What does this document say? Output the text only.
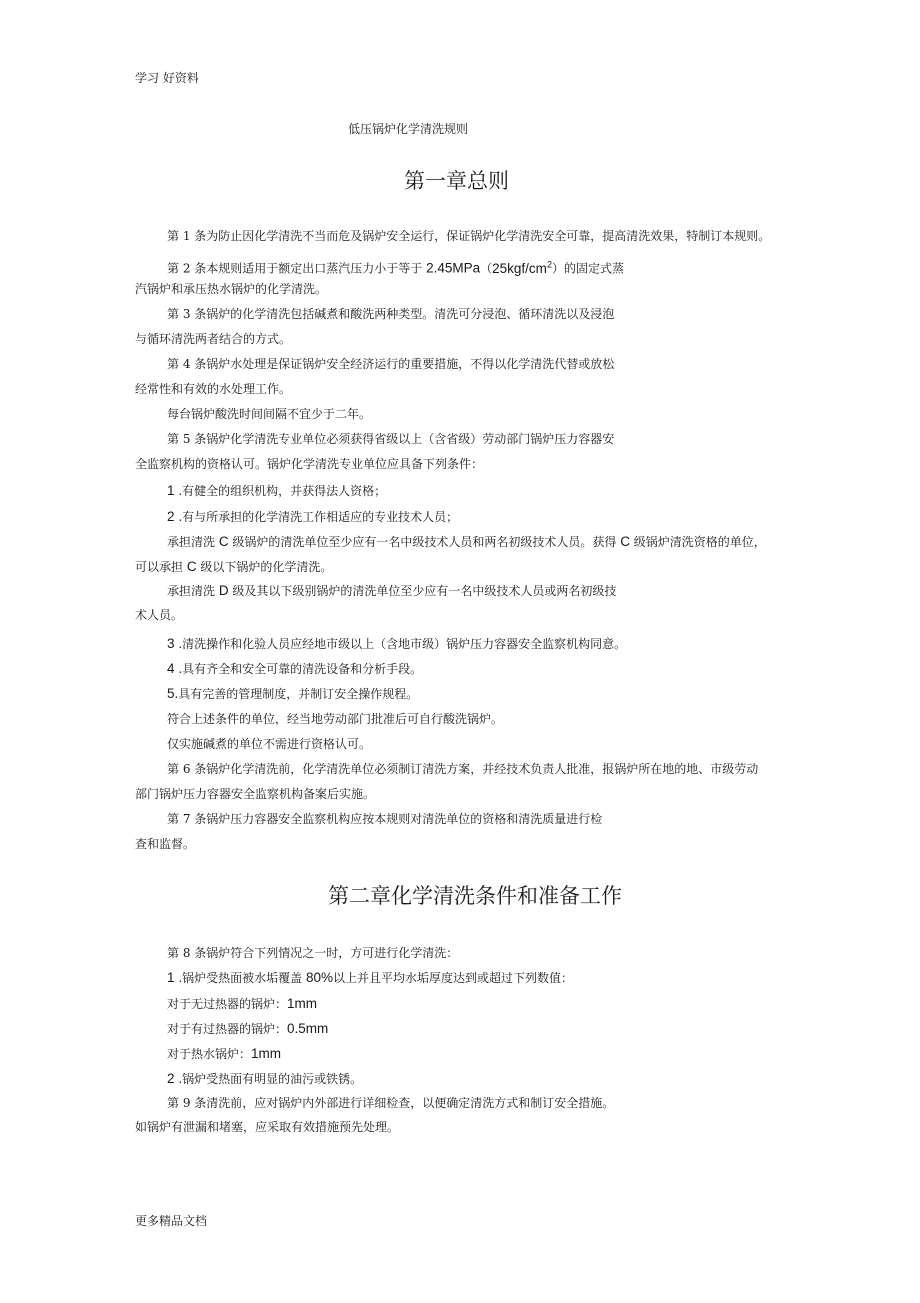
学习 好资料
低压锅炉化学清洗规则
第一章总则
第二章化学清洗条件和准备工作
第 1 条为防止因化学清洗不当而危及锅炉安全运行，保证锅炉化学清洗安全可靠，提高清洗效果，特制订本规则。
第 2 条本规则适用于额定出口蒸汽压力小于等于 $2.45MPa(25kgf/cm^2)$的固定式蒸
汽锅炉和承压热水锅炉的化学清洗。
第 3 条锅炉的化学清洗包括碱煮和酸洗两种类型。清洗可分浸泡、循环清洗以及浸泡
与循环清洗两者结合的方式。
第 4 条锅炉水处理是保证锅炉安全经济运行的重要措施，不得以化学清洗代替或放松
经常性和有效的水处理工作。
每台锅炉酸洗时间间隔不宜少于二年。
第 5 条锅炉化学清洗专业单位必须获得省级以上（含省级）劳动部门锅炉压力容器安
全监察机构的资格认可。锅炉化学清洗专业单位应具备下列条件：
1 .有健全的组织机构，并获得法人资格；
2 .有与所承担的化学清洗工作相适应的专业技术人员；
承担清洗 C 级锅炉的清洗单位至少应有一名中级技术人员和两名初级技术人员。获得 C 级锅炉清洗资格的单位，
可以承担 C 级以下锅炉的化学清洗。
承担清洗 D 级及其以下级别锅炉的清洗单位至少应有一名中级技术人员或两名初级技
术人员。
3 .清洗操作和化验人员应经地市级以上（含地市级）锅炉压力容器安全监察机构同意。
4 .具有齐全和安全可靠的清洗设备和分析手段。
5.具有完善的管理制度，并制订安全操作规程。
符合上述条件的单位，经当地劳动部门批准后可自行酸洗锅炉。
仅实施碱煮的单位不需进行资格认可。
第 6 条锅炉化学清洗前，化学清洗单位必须制订清洗方案，并经技术负责人批准，报锅炉所在地的地、市级劳动
部门锅炉压力容器安全监察机构备案后实施。
第 7 条锅炉压力容器安全监察机构应按本规则对清洗单位的资格和清洗质量进行检
查和监督。
第 8 条锅炉符合下列情况之一时，方可进行化学清洗：
1 .锅炉受热面被水垢覆盖 80%以上并且平均水垢厚度达到或超过下列数值：
对于无过热器的锅炉：1mm
对于有过热器的锅炉：0.5mm
对于热水锅炉：1mm
2 .锅炉受热面有明显的油污或铁锈。
第 9 条清洗前，应对锅炉内外部进行详细检查，以便确定清洗方式和制订安全措施。
如锅炉有泄漏和堵塞，应采取有效措施预先处理。
更多精品文档
